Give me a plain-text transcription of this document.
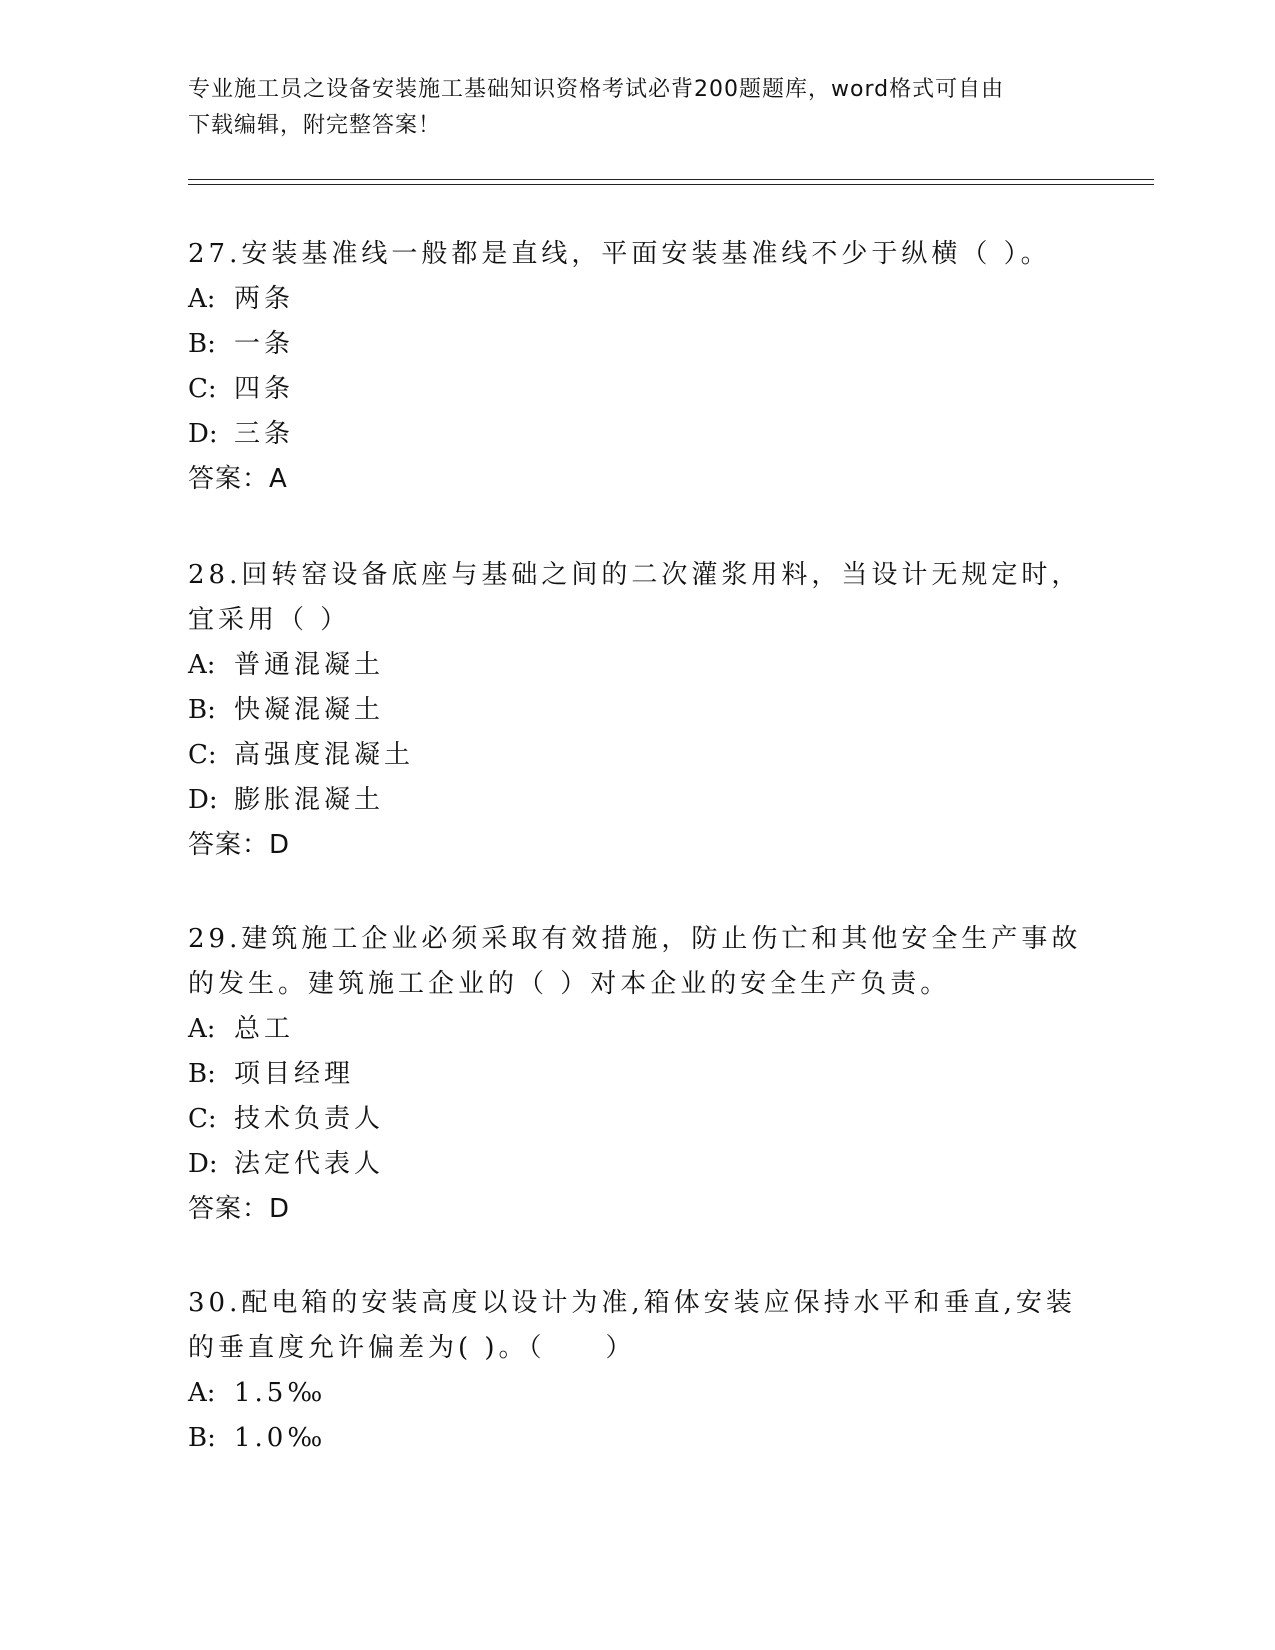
专业施工员之设备安装施工基础知识资格考试必背200题题库，word格式可自由
下载编辑，附完整答案！

27.安装基准线一般都是直线，平面安装基准线不少于纵横（ ）。

A: 两条

B: 一条

C: 四条

D: 三条

答案：A

28.回转窑设备底座与基础之间的二次灌浆用料，当设计无规定时，宜采用（ ）

A: 普通混凝土

B: 快凝混凝土

C: 高强度混凝土

D: 膨胀混凝土

答案：D

29.建筑施工企业必须采取有效措施，防止伤亡和其他安全生产事故的发生。建筑施工企业的（ ）对本企业的安全生产负责。

A: 总工

B: 项目经理

C: 技术负责人

D: 法定代表人

答案：D

30.配电箱的安装高度以设计为准,箱体安装应保持水平和垂直,安装的垂直度允许偏差为( )。（　　）

A: 1.5‰

B: 1.0‰
